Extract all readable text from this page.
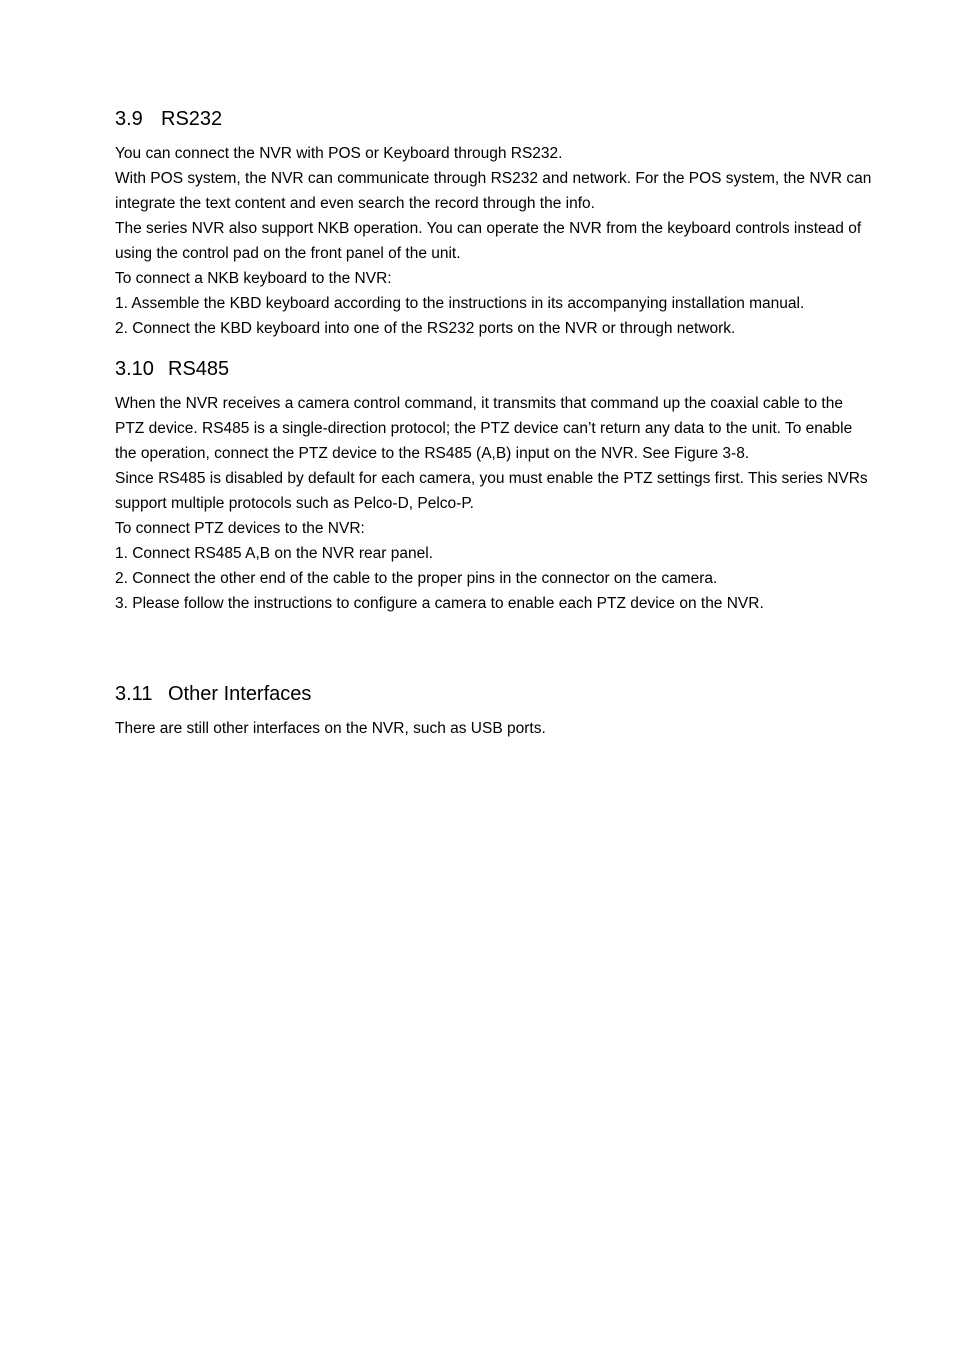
3.9 RS232

You can connect the NVR with POS or Keyboard through RS232.

With POS system, the NVR can communicate through RS232 and network. For the POS system, the NVR can integrate the text content and even search the record through the info.

The series NVR also support NKB operation. You can operate the NVR from the keyboard controls instead of using the control pad on the front panel of the unit.

To connect a NKB keyboard to the NVR:

1. Assemble the KBD keyboard according to the instructions in its accompanying installation manual.

2. Connect the KBD keyboard into one of the RS232 ports on the NVR or through network.

3.10 RS485

When the NVR receives a camera control command, it transmits that command up the coaxial cable to the PTZ device. RS485 is a single-direction protocol; the PTZ device can’t return any data to the unit. To enable the operation, connect the PTZ device to the RS485 (A,B) input on the NVR. See Figure 3-8.

Since RS485 is disabled by default for each camera, you must enable the PTZ settings first. This series NVRs support multiple protocols such as Pelco-D, Pelco-P.

To connect PTZ devices to the NVR:

1. Connect RS485 A,B on the NVR rear panel.

2. Connect the other end of the cable to the proper pins in the connector on the camera.

3. Please follow the instructions to configure a camera to enable each PTZ device on the NVR.

3.11 Other Interfaces

There are still other interfaces on the NVR, such as USB ports.
